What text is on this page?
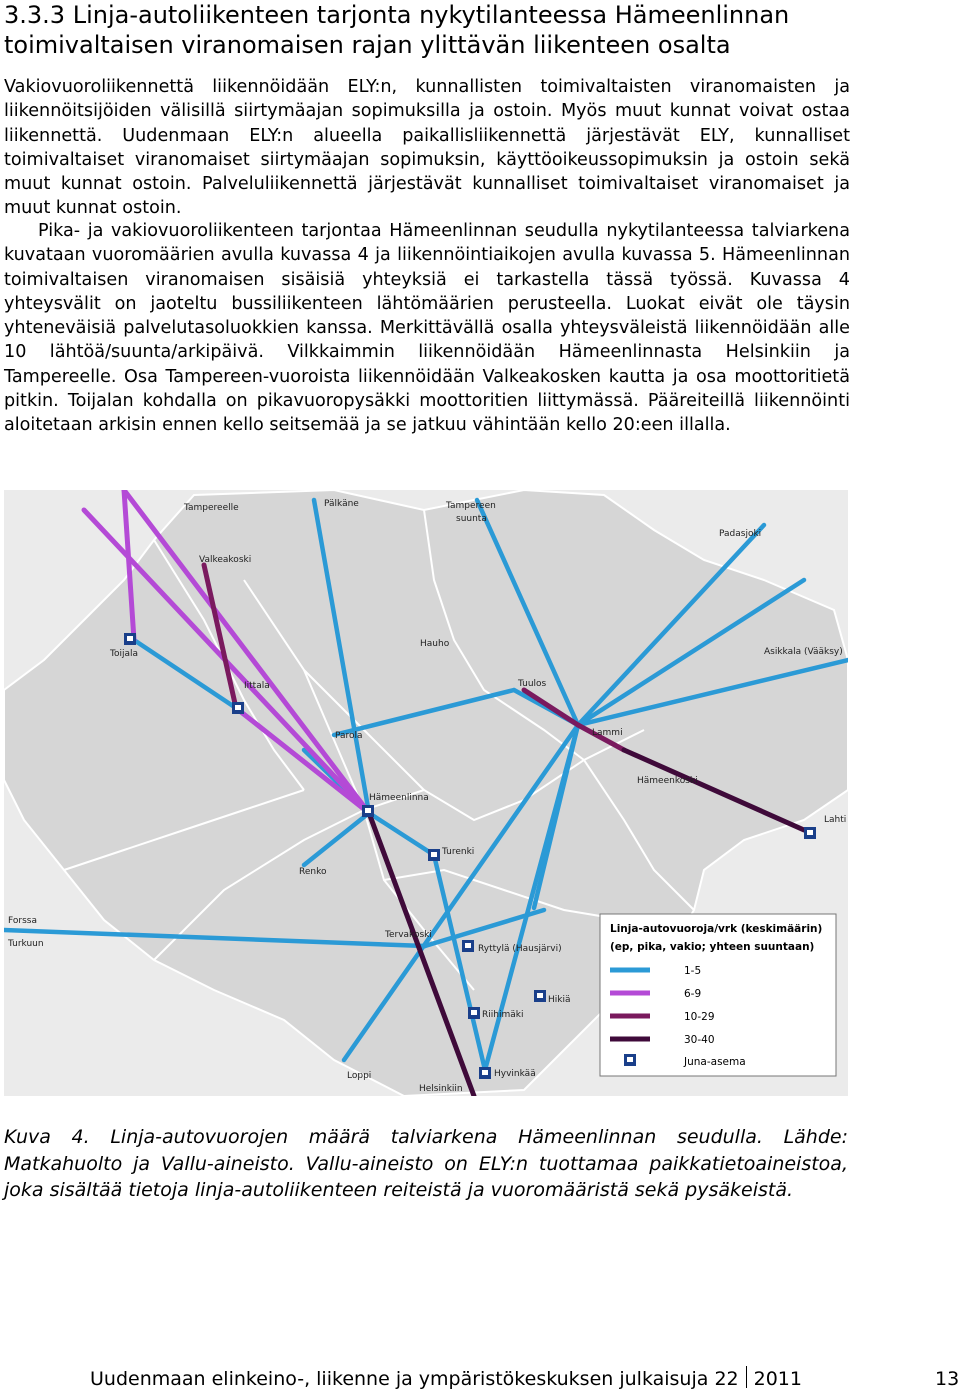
3.3.3 Linja-autoliikenteen tarjonta nykytilanteessa Hämeenlinnan toimivaltaisen viranomaisen rajan ylittävän liikenteen osalta

Vakiovuoroliikennettä liikennöidään ELY:n, kunnallisten toimivaltaisten viranomaisten ja liikennöitsijöiden välisillä siirtymäajan sopimuksilla ja ostoin. Myös muut kunnat voivat ostaa liikennettä. Uudenmaan ELY:n alueella paikallisliikennettä järjestävät ELY, kunnalliset toimivaltaiset viranomaiset siirtymäajan sopimuksin, käyttöoikeussopimuksin ja ostoin sekä muut kunnat ostoin. Palveluliikennettä järjestävät kunnalliset toimivaltaiset viranomaiset ja muut kunnat ostoin.

Pika- ja vakiovuoroliikenteen tarjontaa Hämeenlinnan seudulla nykytilanteessa talviarkena kuvataan vuoromäärien avulla kuvassa 4 ja liikennöintiaikojen avulla kuvassa 5. Hämeenlinnan toimivaltaisen viranomaisen sisäisiä yhteyksiä ei tarkastella tässä työssä. Kuvassa 4 yhteysvälit on jaoteltu bussiliikenteen lähtömäärien perusteella. Luokat eivät ole täysin yhteneväisiä palvelutasoluokkien kanssa. Merkittävällä osalla yhteysväleistä liikennöidään alle 10 lähtöä/suunta/arkipäivä. Vilkkaimmin liikennöidään Hämeenlinnasta Helsinkiin ja Tampereelle. Osa Tampereen-vuoroista liikennöidään Valkeakosken kautta ja osa moottoritietä pitkin. Toijalan kohdalla on pikavuoropysäkki moottoritien liittymässä. Pääreiteillä liikennöinti aloitetaan arkisin ennen kello seitsemää ja se jatkuu vähintään kello 20:een illalla.

Tampereelle	Pälkäne	Tampereen
suunta
Padasjoki
Valkeakoski
Toijala
Hauho
Asikkala (Vääksy)
Iittala	Tuulos
Parola	Lammi
Hämeenkoski
Hämeenlinna
Lahti
Turenki
Renko
Forssa
Turkuun
Tervakoski
Ryttylä (Hausjärvi)
Hikiä
Riihimäki
Loppi	Hyvinkää
Helsinkiin
Linja-autovuoroja/vrk (keskimäärin)
(ep, pika, vakio; yhteen suuntaan)
1-5
6-9
10-29
30-40
Juna-asema

Kuva 4. Linja-autovuorojen määrä talviarkena Hämeenlinnan seudulla. Lähde: Matkahuolto ja Vallu-aineisto. Vallu-aineisto on ELY:n tuottamaa paikkatietoaineistoa, joka sisältää tietoja linja-autoliikenteen reiteistä ja vuoromääristä sekä pysäkeistä.

Uudenmaan elinkeino-, liikenne ja ympäristökeskuksen julkaisuja 22 2011	13
